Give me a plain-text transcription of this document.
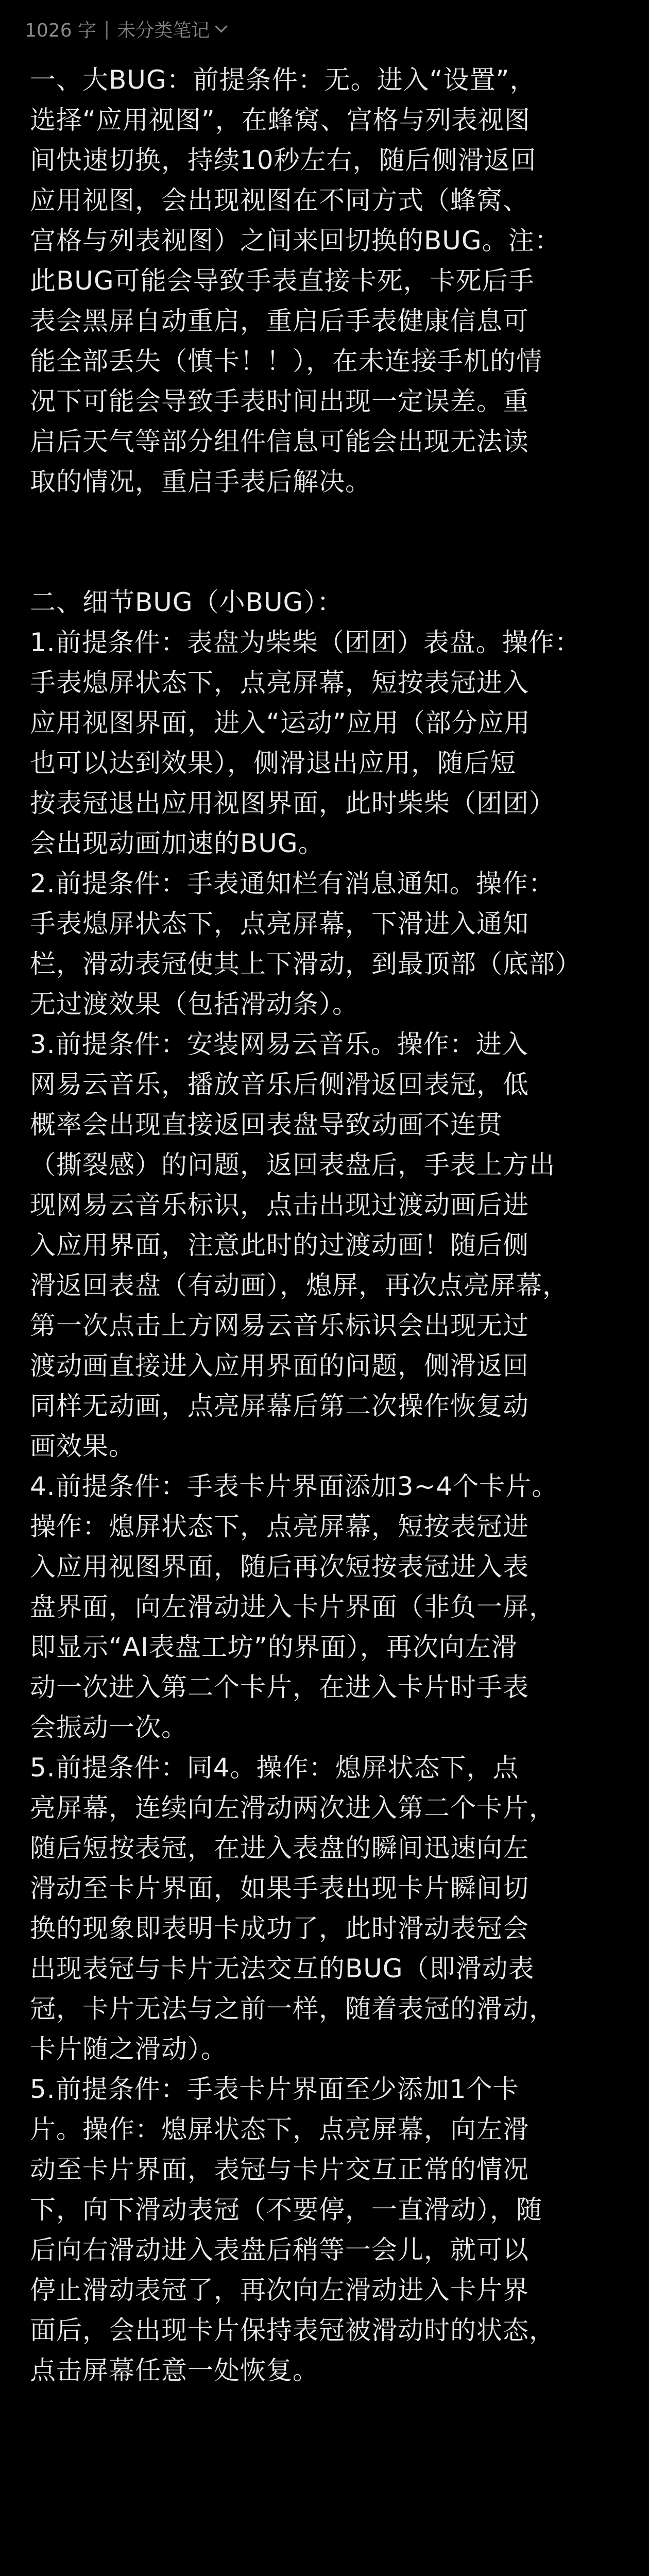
1026 字 | 未分类笔记
一、大BUG：前提条件：无。进入“设置”，
选择“应用视图”，在蜂窝、宫格与列表视图
间快速切换，持续10秒左右，随后侧滑返回
应用视图，会出现视图在不同方式（蜂窝、
宫格与列表视图）之间来回切换的BUG。注：
此BUG可能会导致手表直接卡死，卡死后手
表会黑屏自动重启，重启后手表健康信息可
能全部丢失（慎卡！！），在未连接手机的情
况下可能会导致手表时间出现一定误差。重
启后天气等部分组件信息可能会出现无法读
取的情况，重启手表后解决。
二、细节BUG（小BUG）：
1.前提条件：表盘为柴柴（团团）表盘。操作：
手表熄屏状态下，点亮屏幕，短按表冠进入
应用视图界面，进入“运动”应用（部分应用
也可以达到效果），侧滑退出应用，随后短
按表冠退出应用视图界面，此时柴柴（团团）
会出现动画加速的BUG。
2.前提条件：手表通知栏有消息通知。操作：
手表熄屏状态下，点亮屏幕，下滑进入通知
栏，滑动表冠使其上下滑动，到最顶部（底部）
无过渡效果（包括滑动条）。
3.前提条件：安装网易云音乐。操作：进入
网易云音乐，播放音乐后侧滑返回表冠，低
概率会出现直接返回表盘导致动画不连贯
（撕裂感）的问题，返回表盘后，手表上方出
现网易云音乐标识，点击出现过渡动画后进
入应用界面，注意此时的过渡动画！随后侧
滑返回表盘（有动画），熄屏，再次点亮屏幕，
第一次点击上方网易云音乐标识会出现无过
渡动画直接进入应用界面的问题，侧滑返回
同样无动画，点亮屏幕后第二次操作恢复动
画效果。
4.前提条件：手表卡片界面添加3~4个卡片。
操作：熄屏状态下，点亮屏幕，短按表冠进
入应用视图界面，随后再次短按表冠进入表
盘界面，向左滑动进入卡片界面（非负一屏，
即显示“AI表盘工坊”的界面），再次向左滑
动一次进入第二个卡片，在进入卡片时手表
会振动一次。
5.前提条件：同4。操作：熄屏状态下，点
亮屏幕，连续向左滑动两次进入第二个卡片，
随后短按表冠，在进入表盘的瞬间迅速向左
滑动至卡片界面，如果手表出现卡片瞬间切
换的现象即表明卡成功了，此时滑动表冠会
出现表冠与卡片无法交互的BUG（即滑动表
冠，卡片无法与之前一样，随着表冠的滑动，
卡片随之滑动）。
5.前提条件：手表卡片界面至少添加1个卡
片。操作：熄屏状态下，点亮屏幕，向左滑
动至卡片界面，表冠与卡片交互正常的情况
下，向下滑动表冠（不要停，一直滑动），随
后向右滑动进入表盘后稍等一会儿，就可以
停止滑动表冠了，再次向左滑动进入卡片界
面后，会出现卡片保持表冠被滑动时的状态，
点击屏幕任意一处恢复。
